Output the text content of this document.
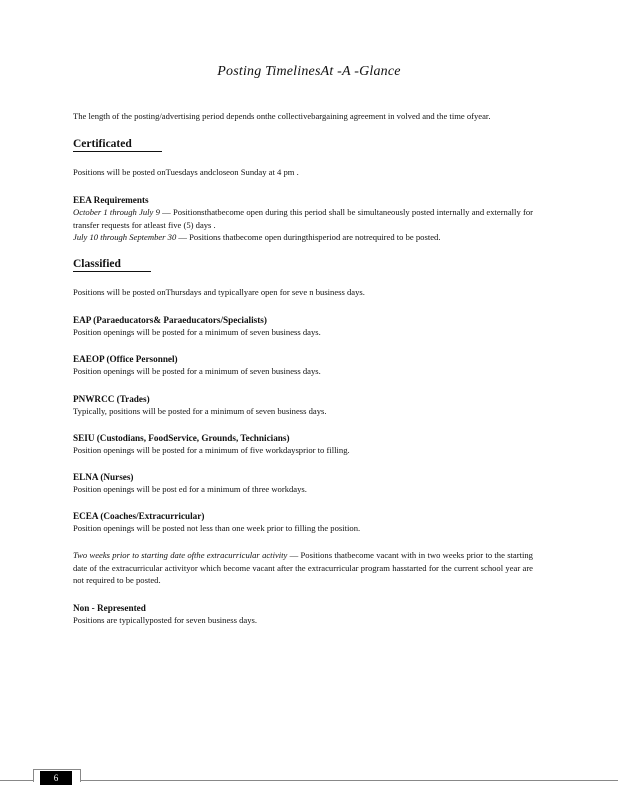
Posting TimelinesAt -A -Glance

The length of the posting/advertising period depends onthe collectivebargaining agreement in volved and the time ofyear.

Certificated

Positions will be posted onTuesdays andcloseon Sunday at 4 pm .

EEA Requirements

October 1 through July 9 — Positionsthatbecome open during this period shall be simultaneously posted internally and externally for transfer requests for atleast five (5) days .

July 10 through September 30 — Positions thatbecome open duringthisperiod are notrequired to be posted.

Classified

Positions will be posted onThursdays and typicallyare open for seve n business days.

EAP (Paraeducators& Paraeducators/Specialists)

Position openings will be posted for a minimum of seven business days.

EAEOP (Office Personnel)

Position openings will be posted for a minimum of seven business days.

PNWRCC (Trades)

Typically, positions will be posted for a minimum of seven business days.

SEIU (Custodians, FoodService, Grounds, Technicians)

Position openings will be posted for a minimum of five workdaysprior to filling.

ELNA (Nurses)

Position openings will be post ed for a minimum of three workdays.

ECEA (Coaches/Extracurricular)

Position openings will be posted not less than one week prior to filling the position.

Two weeks prior to starting date ofthe extracurricular activity — Positions thatbecome vacant with in two weeks prior to the starting date of the extracurricular activityor which become vacant after the extracurricular program hasstarted for the current school year are not required to be posted.

Non - Represented

Positions are typicallyposted for seven business days.

6
